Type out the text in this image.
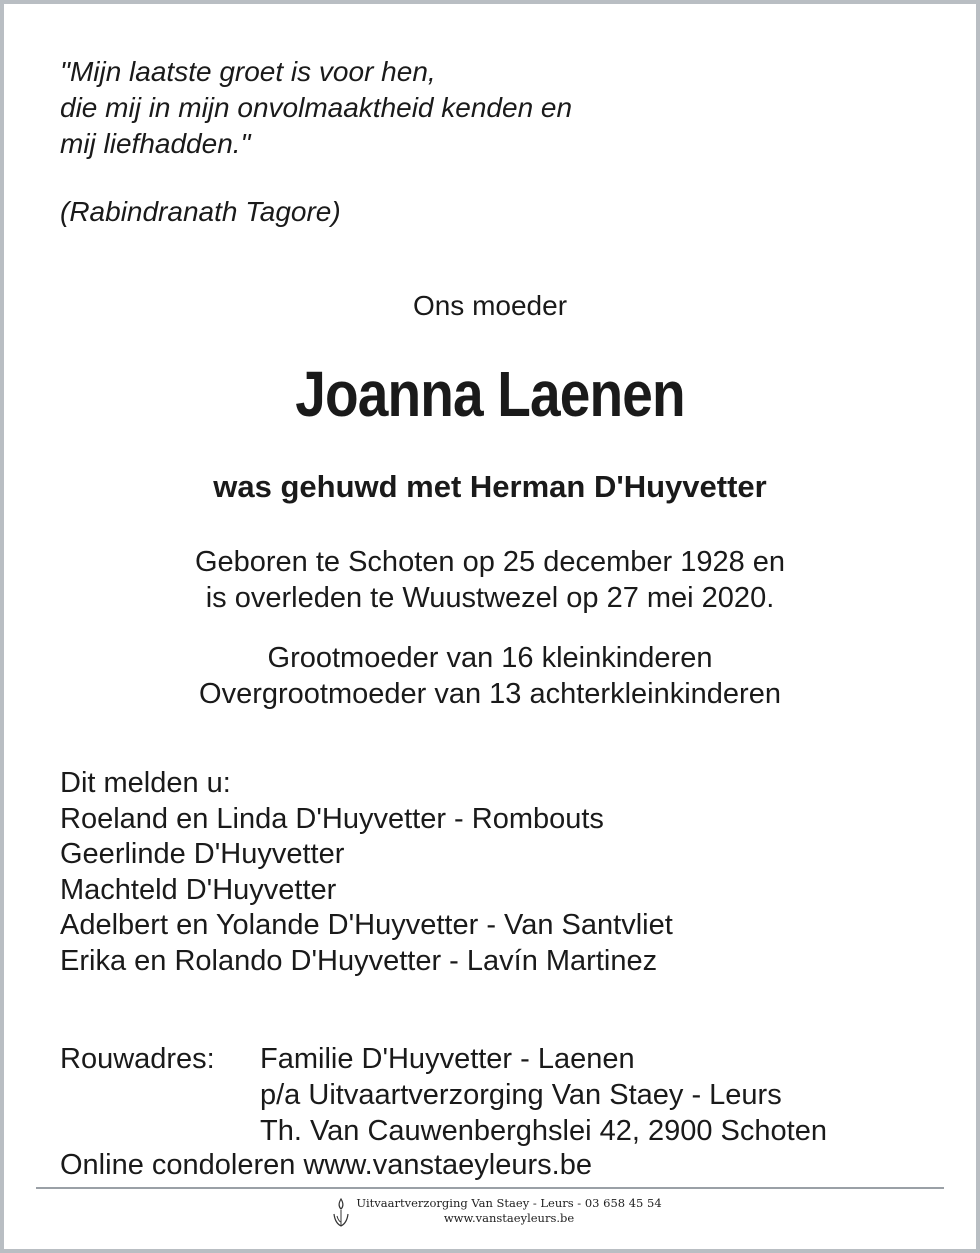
"Mijn laatste groet is voor hen,
die mij in mijn onvolmaaktheid kenden en
mij liefhadden."

(Rabindranath Tagore)
Ons moeder
Joanna Laenen
was gehuwd met Herman D'Huyvetter
Geboren te Schoten op 25 december 1928 en
is overleden te Wuustwezel op 27 mei 2020.
Grootmoeder van 16 kleinkinderen
Overgrootmoeder van 13 achterkleinkinderen
Dit melden u:
Roeland en Linda D'Huyvetter - Rombouts
Geerlinde D'Huyvetter
Machteld D'Huyvetter
Adelbert en Yolande D'Huyvetter - Van Santvliet
Erika en Rolando D'Huyvetter - Lavín Martinez
Rouwadres: Familie D'Huyvetter - Laenen
p/a Uitvaartverzorging Van Staey - Leurs
Th. Van Cauwenberghslei 42, 2900 Schoten
Online condoleren www.vanstaeyleurs.be
Uitvaartverzorging Van Staey - Leurs - 03 658 45 54
www.vanstaeyleurs.be
